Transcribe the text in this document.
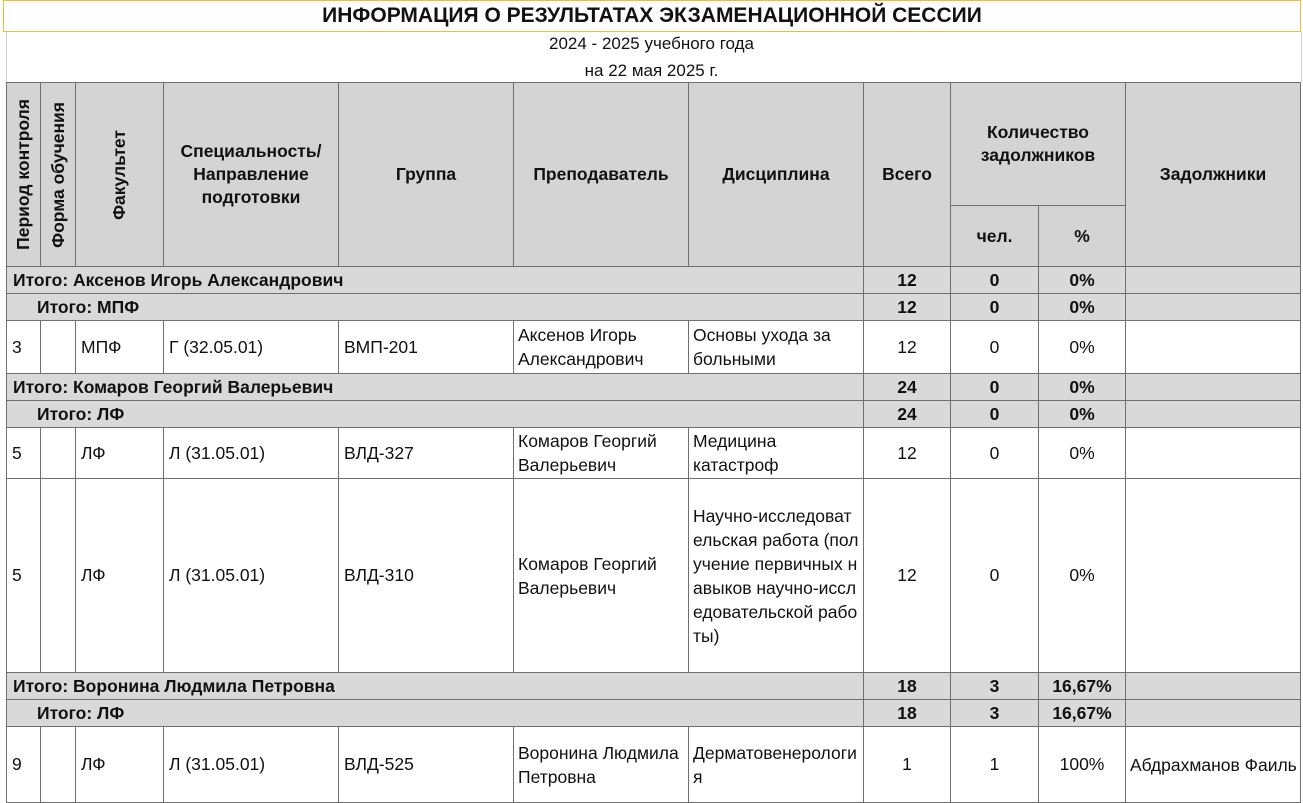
ИНФОРМАЦИЯ О РЕЗУЛЬТАТАХ ЭКЗАМЕНАЦИОННОЙ СЕССИИ
2024 - 2025 учебного года
на 22 мая 2025 г.
Период контроля	Форма обучения	Факультет	Специальность/ Направление подготовки	Группа	Преподаватель	Дисциплина	Всего	Количество задолжников		Задолжники
								чел.	%	
Итого: Аксенов Игорь Александрович							12	0	0%	
Итого: МПФ							12	0	0%	
3		МПФ	Г (32.05.01)	ВМП-201	Аксенов Игорь Александрович	Основы ухода за больными	12	0	0%	
Итого: Комаров Георгий Валерьевич							24	0	0%	
Итого: ЛФ							24	0	0%	
5		ЛФ	Л (31.05.01)	ВЛД-327	Комаров Георгий Валерьевич	Медицина катастроф	12	0	0%	
5		ЛФ	Л (31.05.01)	ВЛД-310	Комаров Георгий Валерьевич	Научно-исследовательская работа (получение первичных навыков научно-исследовательской работы)	12	0	0%	
Итого: Воронина Людмила Петровна							18	3	16,67%	
Итого: ЛФ							18	3	16,67%	
9		ЛФ	Л (31.05.01)	ВЛД-525	Воронина Людмила Петровна	Дерматовенерология	1	1	100%	Абдрахманов Фаиль
